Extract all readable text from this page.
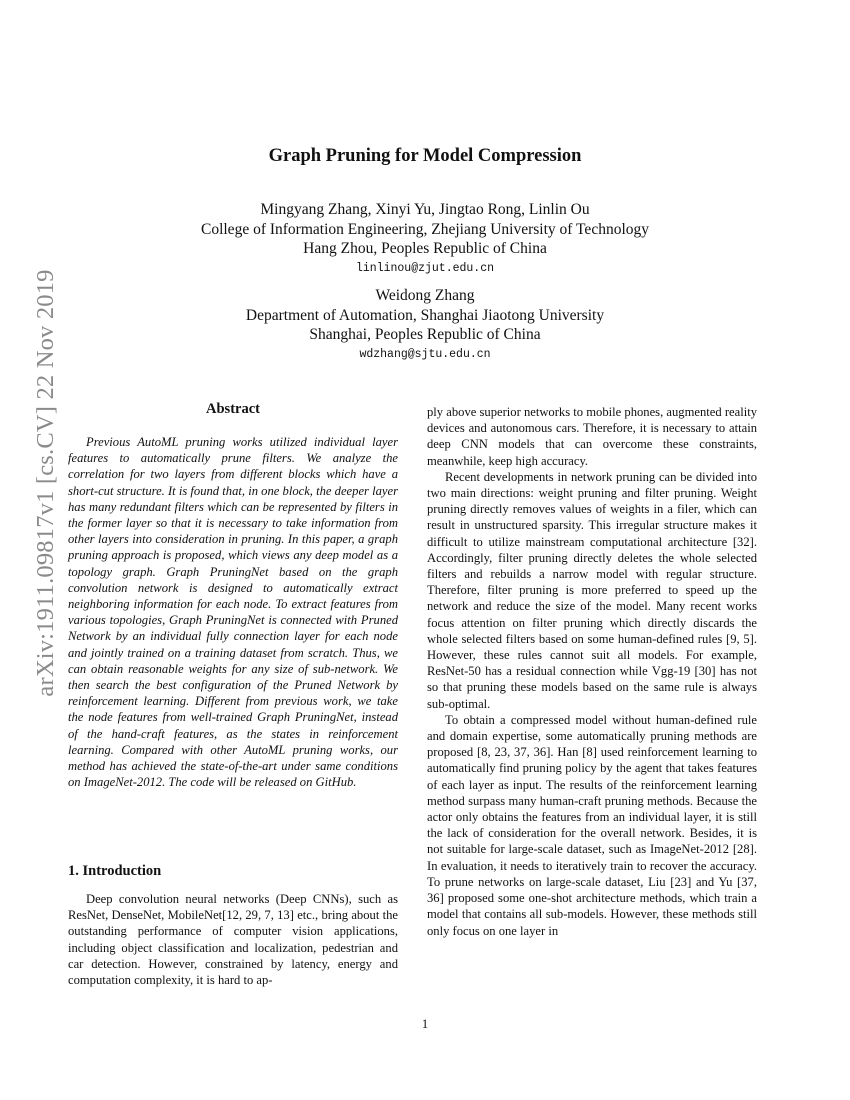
arXiv:1911.09817v1 [cs.CV] 22 Nov 2019
Graph Pruning for Model Compression
Mingyang Zhang, Xinyi Yu, Jingtao Rong, Linlin Ou
College of Information Engineering, Zhejiang University of Technology
Hang Zhou, Peoples Republic of China
linlinou@zjut.edu.cn
Weidong Zhang
Department of Automation, Shanghai Jiaotong University
Shanghai, Peoples Republic of China
wdzhang@sjtu.edu.cn
Abstract

Previous AutoML pruning works utilized individual layer features to automatically prune filters. We analyze the correlation for two layers from different blocks which have a short-cut structure. It is found that, in one block, the deeper layer has many redundant filters which can be represented by filters in the former layer so that it is necessary to take information from other layers into consideration in pruning. In this paper, a graph pruning approach is proposed, which views any deep model as a topology graph. Graph PruningNet based on the graph convolution network is designed to automatically extract neighboring information for each node. To extract features from various topologies, Graph PruningNet is connected with Pruned Network by an individual fully connection layer for each node and jointly trained on a training dataset from scratch. Thus, we can obtain reasonable weights for any size of sub-network. We then search the best configuration of the Pruned Network by reinforcement learning. Different from previous work, we take the node features from well-trained Graph PruningNet, instead of the hand-craft features, as the states in reinforcement learning. Compared with other AutoML pruning works, our method has achieved the state-of-the-art under same conditions on ImageNet-2012. The code will be released on GitHub.

1. Introduction

Deep convolution neural networks (Deep CNNs), such as ResNet, DenseNet, MobileNet[12, 29, 7, 13] etc., bring about the outstanding performance of computer vision applications, including object classification and localization, pedestrian and car detection. However, constrained by latency, energy and computation complexity, it is hard to ap-

ply above superior networks to mobile phones, augmented reality devices and autonomous cars. Therefore, it is necessary to attain deep CNN models that can overcome these constraints, meanwhile, keep high accuracy.

Recent developments in network pruning can be divided into two main directions: weight pruning and filter pruning. Weight pruning directly removes values of weights in a filer, which can result in unstructured sparsity. This irregular structure makes it difficult to utilize mainstream computational architecture [32]. Accordingly, filter pruning directly deletes the whole selected filters and rebuilds a narrow model with regular structure. Therefore, filter pruning is more preferred to speed up the network and reduce the size of the model. Many recent works focus attention on filter pruning which directly discards the whole selected filters based on some human-defined rules [9, 5]. However, these rules cannot suit all models. For example, ResNet-50 has a residual connection while Vgg-19 [30] has not so that pruning these models based on the same rule is always sub-optimal.

To obtain a compressed model without human-defined rule and domain expertise, some automatically pruning methods are proposed [8, 23, 37, 36]. Han [8] used reinforcement learning to automatically find pruning policy by the agent that takes features of each layer as input. The results of the reinforcement learning method surpass many human-craft pruning methods. Because the actor only obtains the features from an individual layer, it is still the lack of consideration for the overall network. Besides, it is not suitable for large-scale dataset, such as ImageNet-2012 [28]. In evaluation, it needs to iteratively train to recover the accuracy. To prune networks on large-scale dataset, Liu [23] and Yu [37, 36] proposed some one-shot architecture methods, which train a model that contains all sub-models. However, these methods still only focus on one layer in

1
